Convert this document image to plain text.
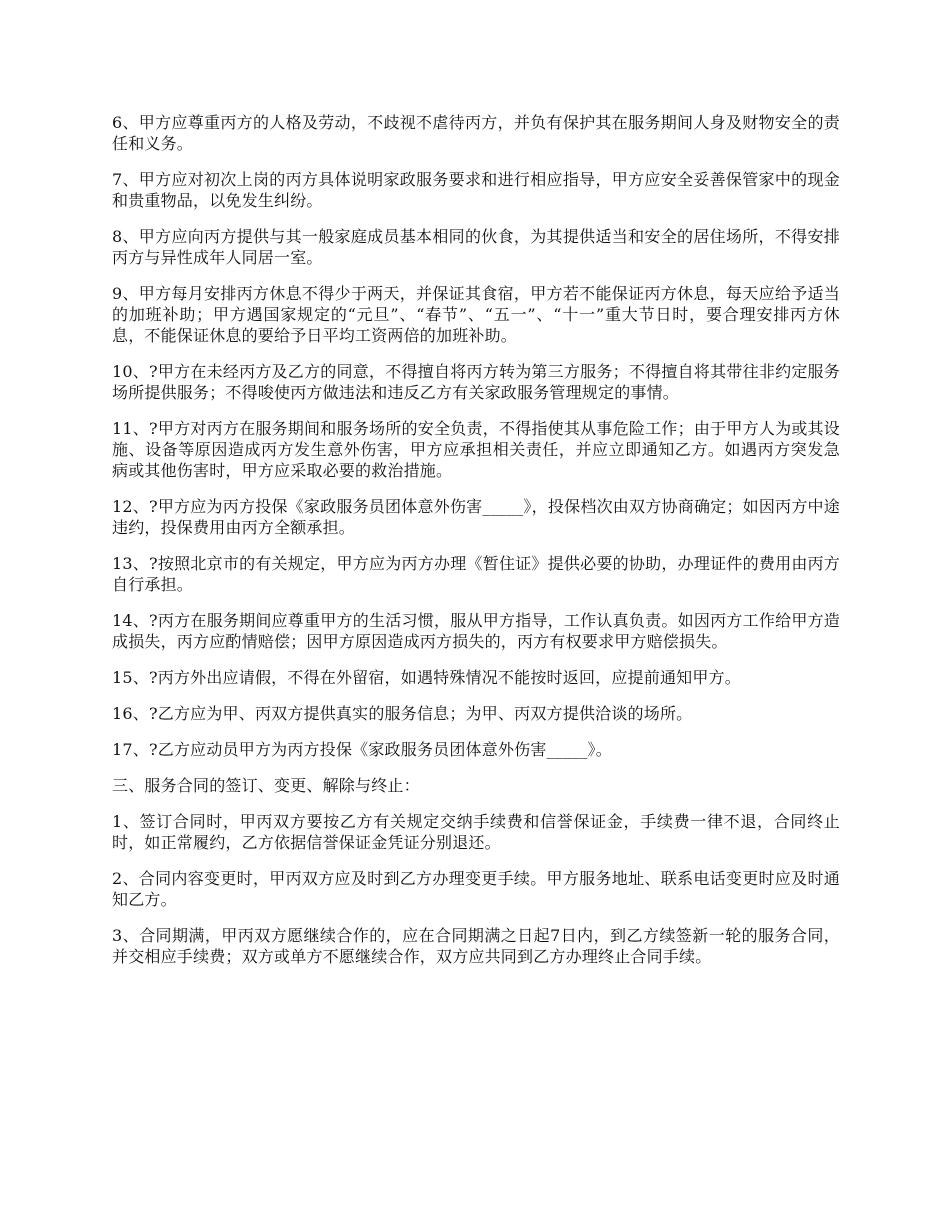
6、甲方应尊重丙方的人格及劳动，不歧视不虐待丙方，并负有保护其在服务期间人身及财物安全的责任和义务。

7、甲方应对初次上岗的丙方具体说明家政服务要求和进行相应指导，甲方应安全妥善保管家中的现金和贵重物品，以免发生纠纷。

8、甲方应向丙方提供与其一般家庭成员基本相同的伙食，为其提供适当和安全的居住场所，不得安排丙方与异性成年人同居一室。

9、甲方每月安排丙方休息不得少于两天，并保证其食宿，甲方若不能保证丙方休息，每天应给予适当的加班补助；甲方遇国家规定的“元旦”、“春节”、“五一”、“十一”重大节日时，要合理安排丙方休息，不能保证休息的要给予日平均工资两倍的加班补助。

10、?甲方在未经丙方及乙方的同意，不得擅自将丙方转为第三方服务；不得擅自将其带往非约定服务场所提供服务；不得唆使丙方做违法和违反乙方有关家政服务管理规定的事情。

11、?甲方对丙方在服务期间和服务场所的安全负责，不得指使其从事危险工作；由于甲方人为或其设施、设备等原因造成丙方发生意外伤害，甲方应承担相关责任，并应立即通知乙方。如遇丙方突发急病或其他伤害时，甲方应采取必要的救治措施。

12、?甲方应为丙方投保《家政服务员团体意外伤害_____》，投保档次由双方协商确定；如因丙方中途违约，投保费用由丙方全额承担。

13、?按照北京市的有关规定，甲方应为丙方办理《暂住证》提供必要的协助，办理证件的费用由丙方自行承担。

14、?丙方在服务期间应尊重甲方的生活习惯，服从甲方指导，工作认真负责。如因丙方工作给甲方造成损失，丙方应酌情赔偿；因甲方原因造成丙方损失的，丙方有权要求甲方赔偿损失。

15、?丙方外出应请假，不得在外留宿，如遇特殊情况不能按时返回，应提前通知甲方。

16、?乙方应为甲、丙双方提供真实的服务信息；为甲、丙双方提供洽谈的场所。

17、?乙方应动员甲方为丙方投保《家政服务员团体意外伤害_____》。

三、服务合同的签订、变更、解除与终止：

1、签订合同时，甲丙双方要按乙方有关规定交纳手续费和信誉保证金，手续费一律不退，合同终止时，如正常履约，乙方依据信誉保证金凭证分别退还。

2、合同内容变更时，甲丙双方应及时到乙方办理变更手续。甲方服务地址、联系电话变更时应及时通知乙方。

3、合同期满，甲丙双方愿继续合作的，应在合同期满之日起7日内，到乙方续签新一轮的服务合同，并交相应手续费；双方或单方不愿继续合作，双方应共同到乙方办理终止合同手续。
